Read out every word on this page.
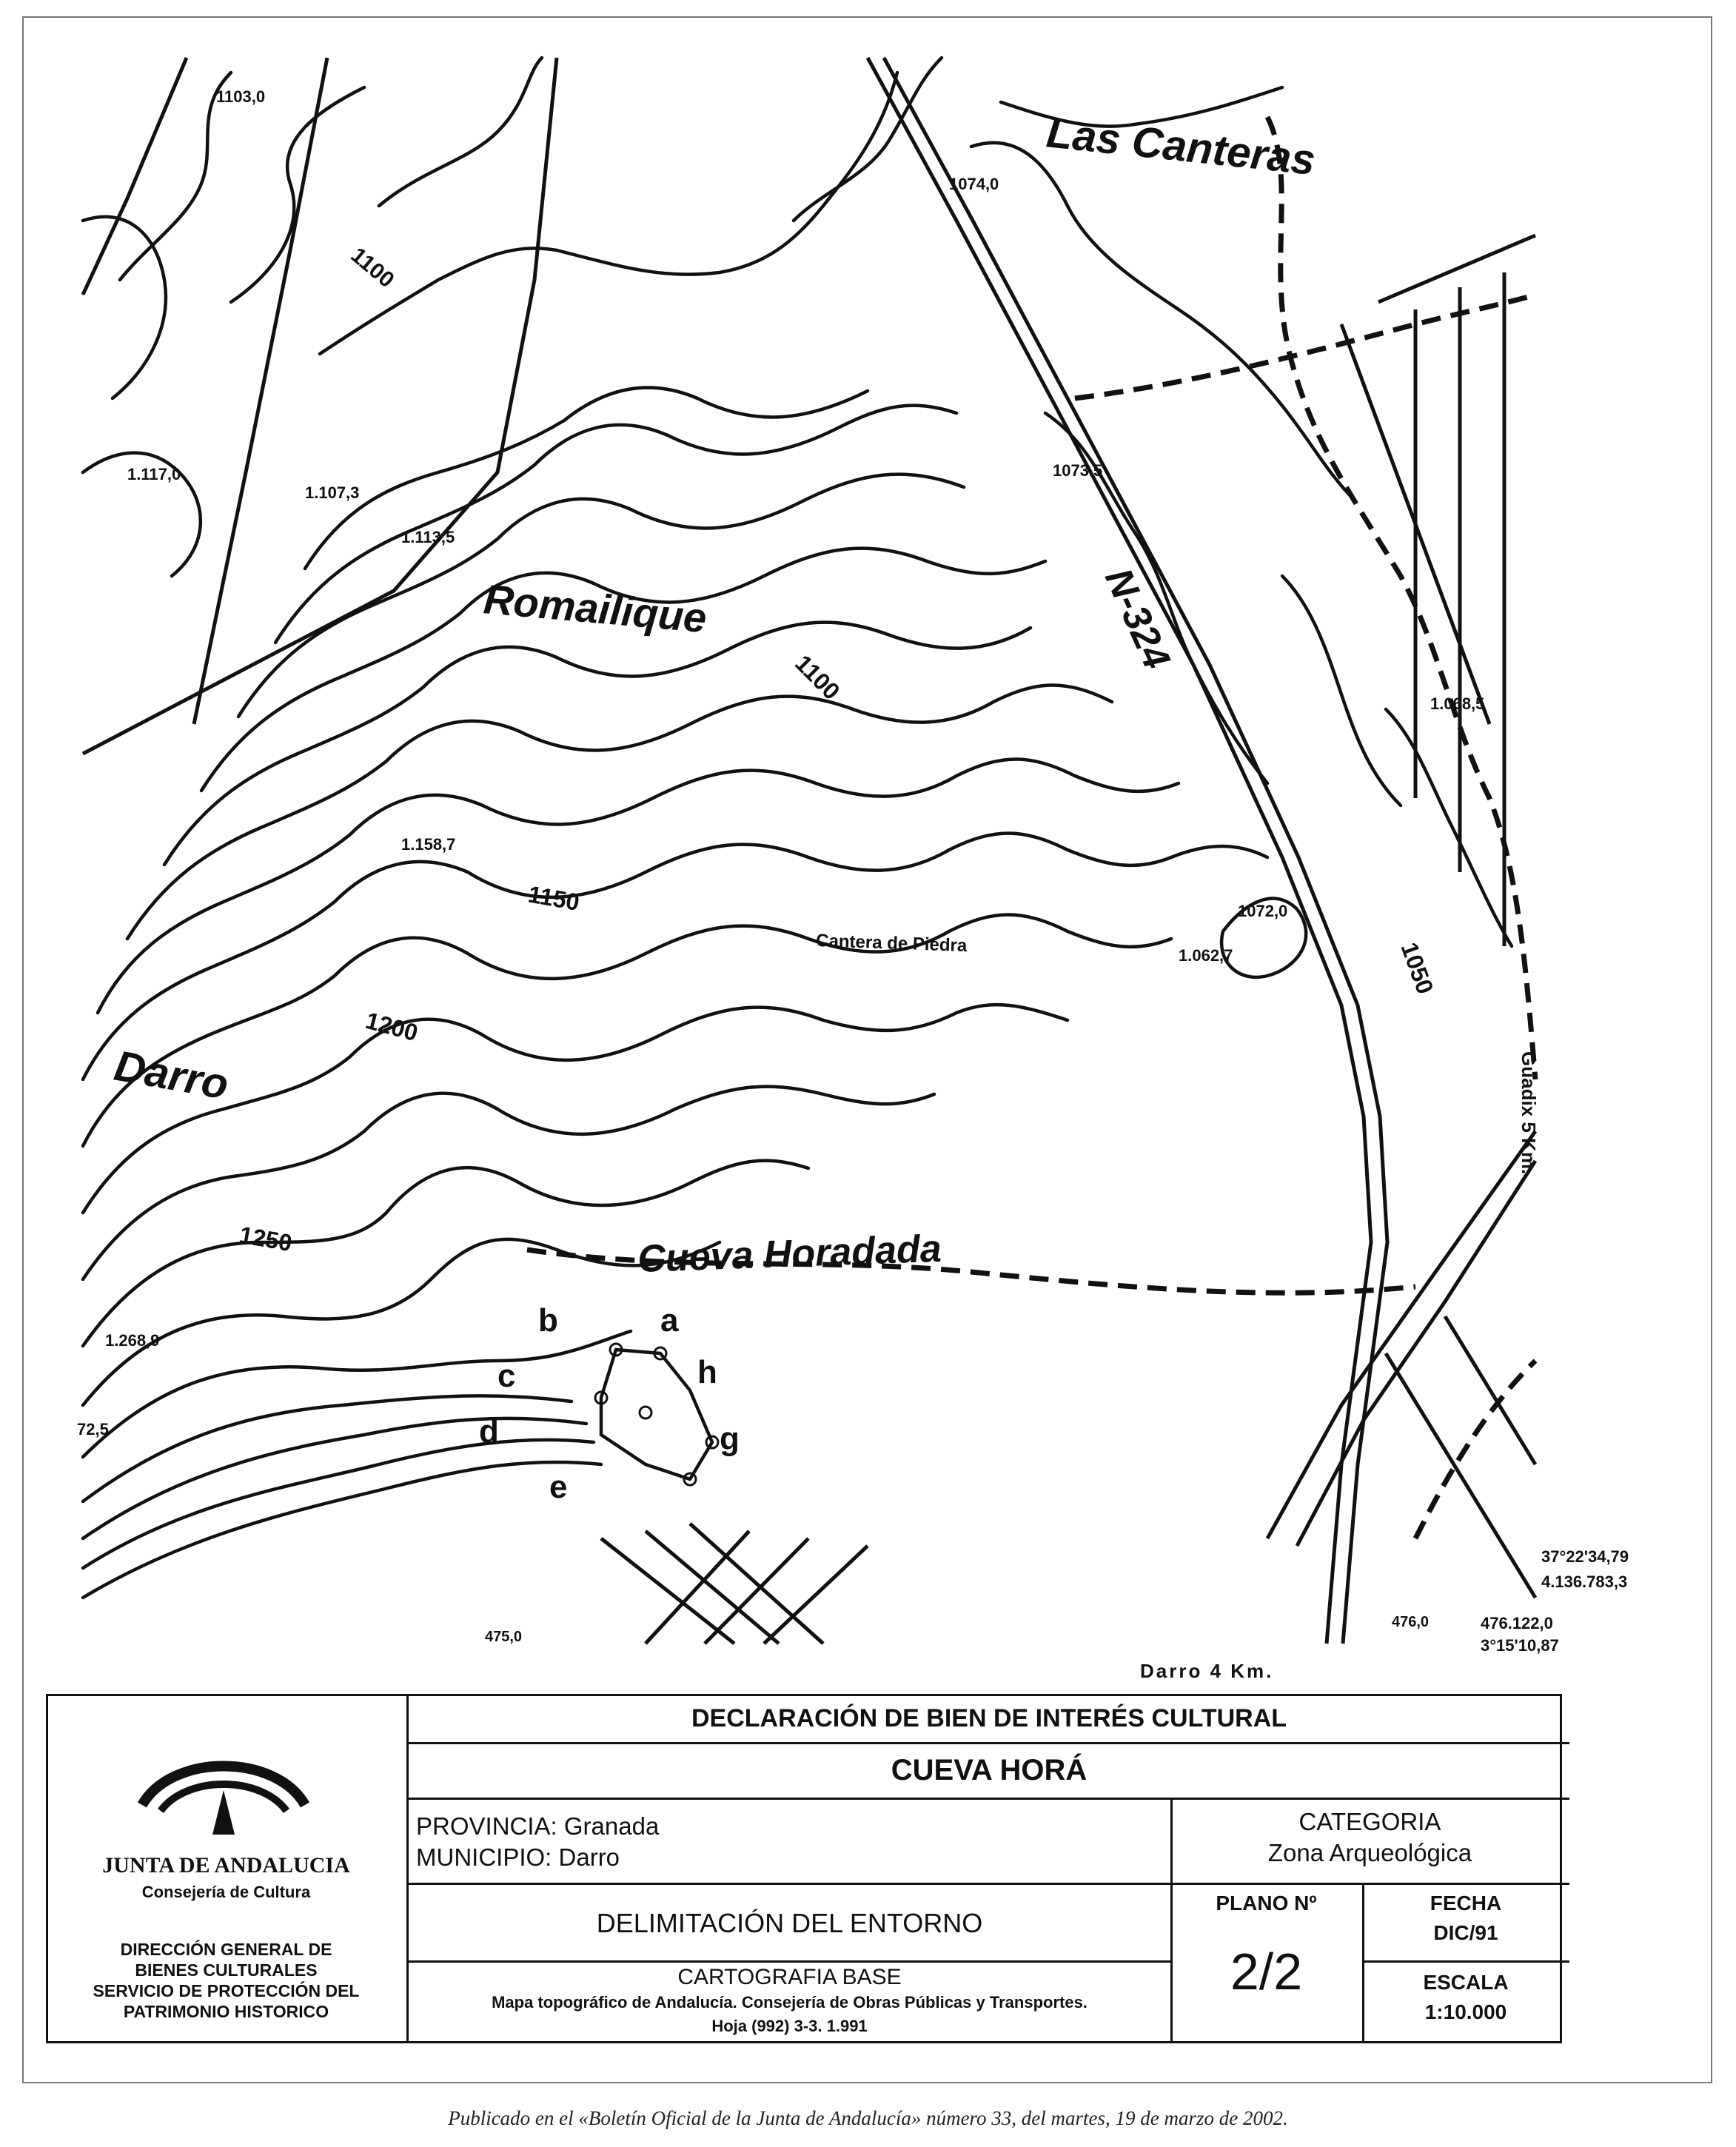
Las Canteras
Romailique
Darro
Cueva Horadada
Cantera de Piedra
N-324
1100
1100
1150
1200
1250
1050
1103,0
1074,0
1.117,0
1.107,3
1.113,5
1073.5
1.158,7
1.068,5
1072,0
1.062,7
1.268,9
72,5
a
b
c
d
e
g
h
Guadix 5 Km.
Darro 4 Km.
37°22'34,79
4.136.783,3
476.122,0
3°15'10,87
475,0
476,0
JUNTA DE ANDALUCIA
Consejería de Cultura
DIRECCIÓN GENERAL DE
BIENES CULTURALES
SERVICIO DE PROTECCIÓN DEL
PATRIMONIO HISTORICO
DECLARACIÓN DE BIEN DE INTERÉS CULTURAL
CUEVA HORÁ
PROVINCIA: Granada
MUNICIPIO: Darro
CATEGORIA
Zona Arqueológica
DELIMITACIÓN DEL ENTORNO
CARTOGRAFIA BASE
Mapa topográfico de Andalucía. Consejería de Obras Públicas y Transportes.
Hoja (992) 3-3. 1.991
PLANO Nº
2/2
FECHA
DIC/91
ESCALA
1:10.000
Publicado en el «Boletín Oficial de la Junta de Andalucía» número 33, del martes, 19 de marzo de 2002.
